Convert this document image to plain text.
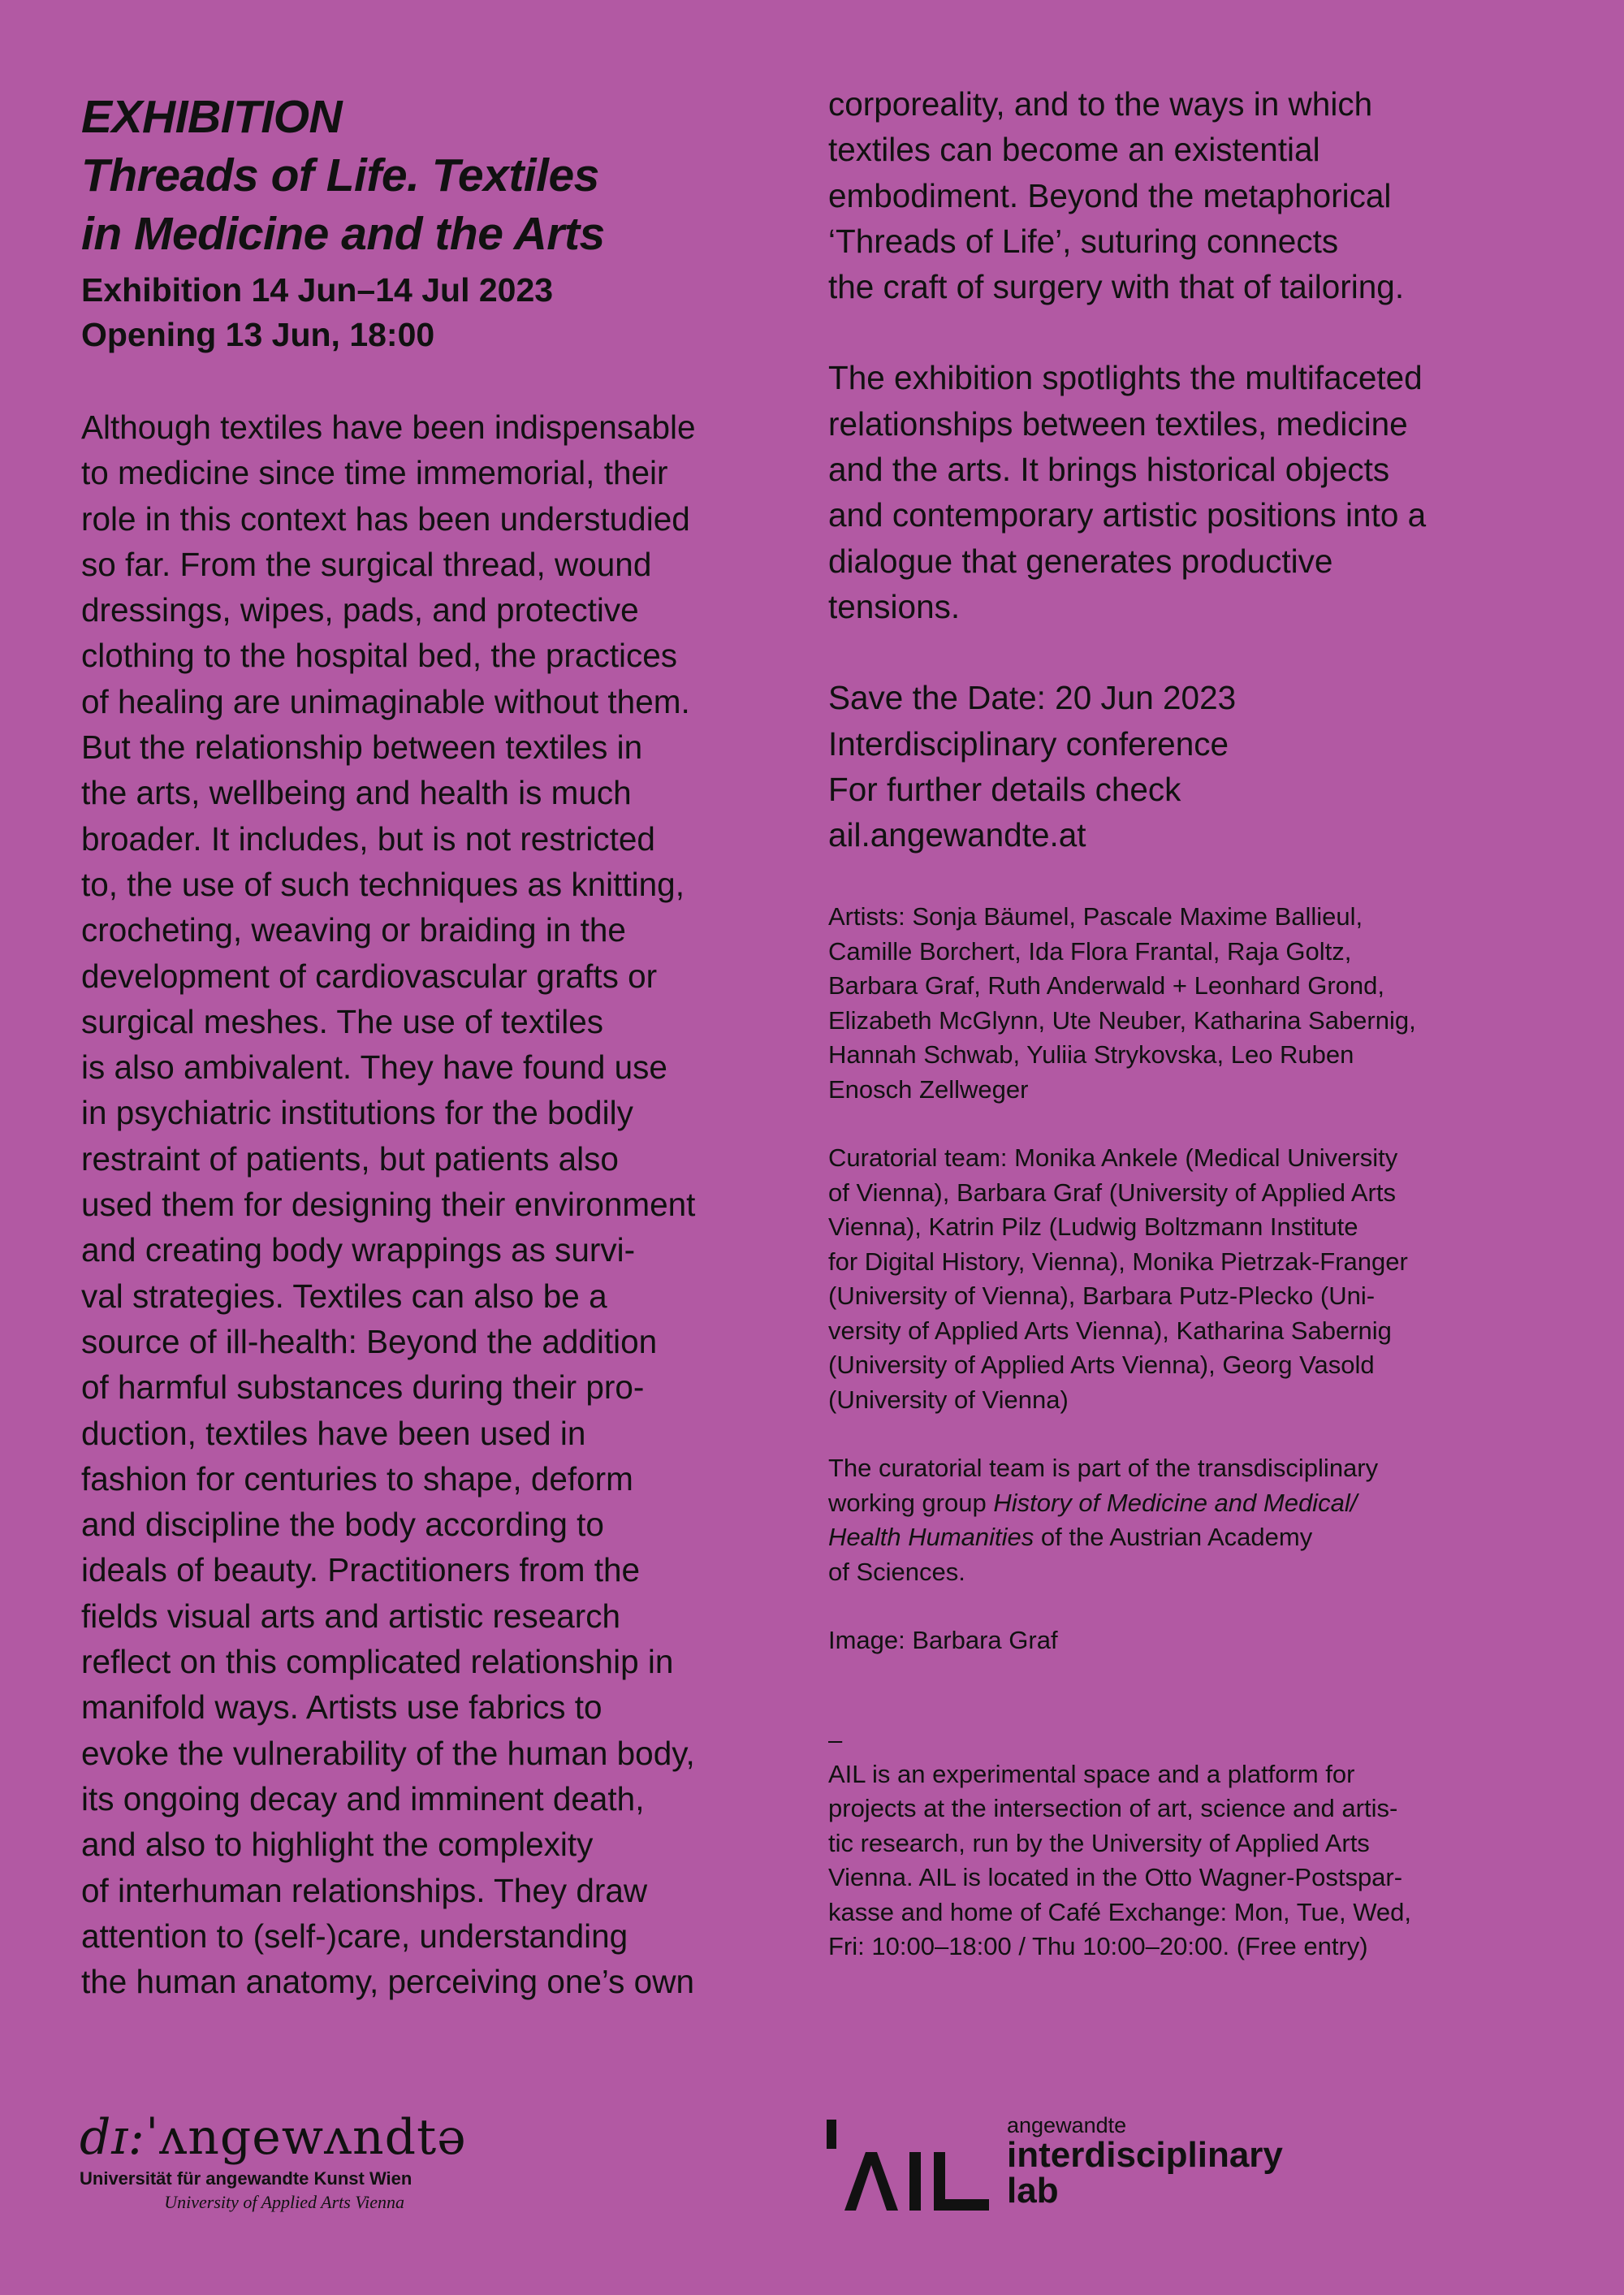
EXHIBITION

Threads of Life. Textiles

in Medicine and the Arts

Exhibition 14 Jun–14 Jul 2023

Opening 13 Jun, 18:00

Although textiles have been indispensable
to medicine since time immemorial, their
role in this context has been understudied
so far. From the surgical thread, wound
dressings, wipes, pads, and protective
clothing to the hospital bed, the practices
of healing are unimaginable without them.
But the relationship between textiles in
the arts, wellbeing and health is much
broader. It includes, but is not restricted
to, the use of such techniques as knitting,
crocheting, weaving or braiding in the
development of cardiovascular grafts or
surgical meshes. The use of textiles
is also ambivalent. They have found use
in psychiatric institutions for the bodily
restraint of patients, but patients also
used them for designing their environment
and creating body wrappings as survi-
val strategies. Textiles can also be a
source of ill-health: Beyond the addition
of harmful substances during their pro-
duction, textiles have been used in
fashion for centuries to shape, deform
and discipline the body according to
ideals of beauty. Practitioners from the
fields visual arts and artistic research
reflect on this complicated relationship in
manifold ways. Artists use fabrics to
evoke the vulnerability of the human body,
its ongoing decay and imminent death,
and also to highlight the complexity
of interhuman relationships. They draw
attention to (self-)care, understanding
the human anatomy, perceiving one’s own
corporeality, and to the ways in which
textiles can become an existential
embodiment. Beyond the metaphorical
‘Threads of Life’, suturing connects
the craft of surgery with that of tailoring.
The exhibition spotlights the multifaceted
relationships between textiles, medicine
and the arts. It brings historical objects
and contemporary artistic positions into a
dialogue that generates productive
tensions.
Save the Date: 20 Jun 2023
Interdisciplinary conference
For further details check
ail.angewandte.at
Artists: Sonja Bäumel, Pascale Maxime Ballieul,
Camille Borchert, Ida Flora Frantal, Raja Goltz,
Barbara Graf, Ruth Anderwald + Leonhard Grond,
Elizabeth McGlynn, Ute Neuber, Katharina Sabernig,
Hannah Schwab, Yuliia Strykovska, Leo Ruben
Enosch Zellweger
Curatorial team: Monika Ankele (Medical University
of Vienna), Barbara Graf (University of Applied Arts
Vienna), Katrin Pilz (Ludwig Boltzmann Institute
for Digital History, Vienna), Monika Pietrzak-Franger
(University of Vienna), Barbara Putz-Plecko (Uni-
versity of Applied Arts Vienna), Katharina Sabernig
(University of Applied Arts Vienna), Georg Vasold
(University of Vienna)
The curatorial team is part of the transdisciplinary
working group History of Medicine and Medical/
Health Humanities of the Austrian Academy
of Sciences.
Image: Barbara Graf
–
AIL is an experimental space and a platform for
projects at the intersection of art, science and artis-
tic research, run by the University of Applied Arts
Vienna. AIL is located in the Otto Wagner-Postspar-
kasse and home of Café Exchange: Mon, Tue, Wed,
Fri: 10:00–18:00 / Thu 10:00–20:00. (Free entry)
dɪ:ˈʌngewʌndtə
Universität für angewandte Kunst Wien
University of Applied Arts Vienna
angewandte
interdisciplinary
lab
